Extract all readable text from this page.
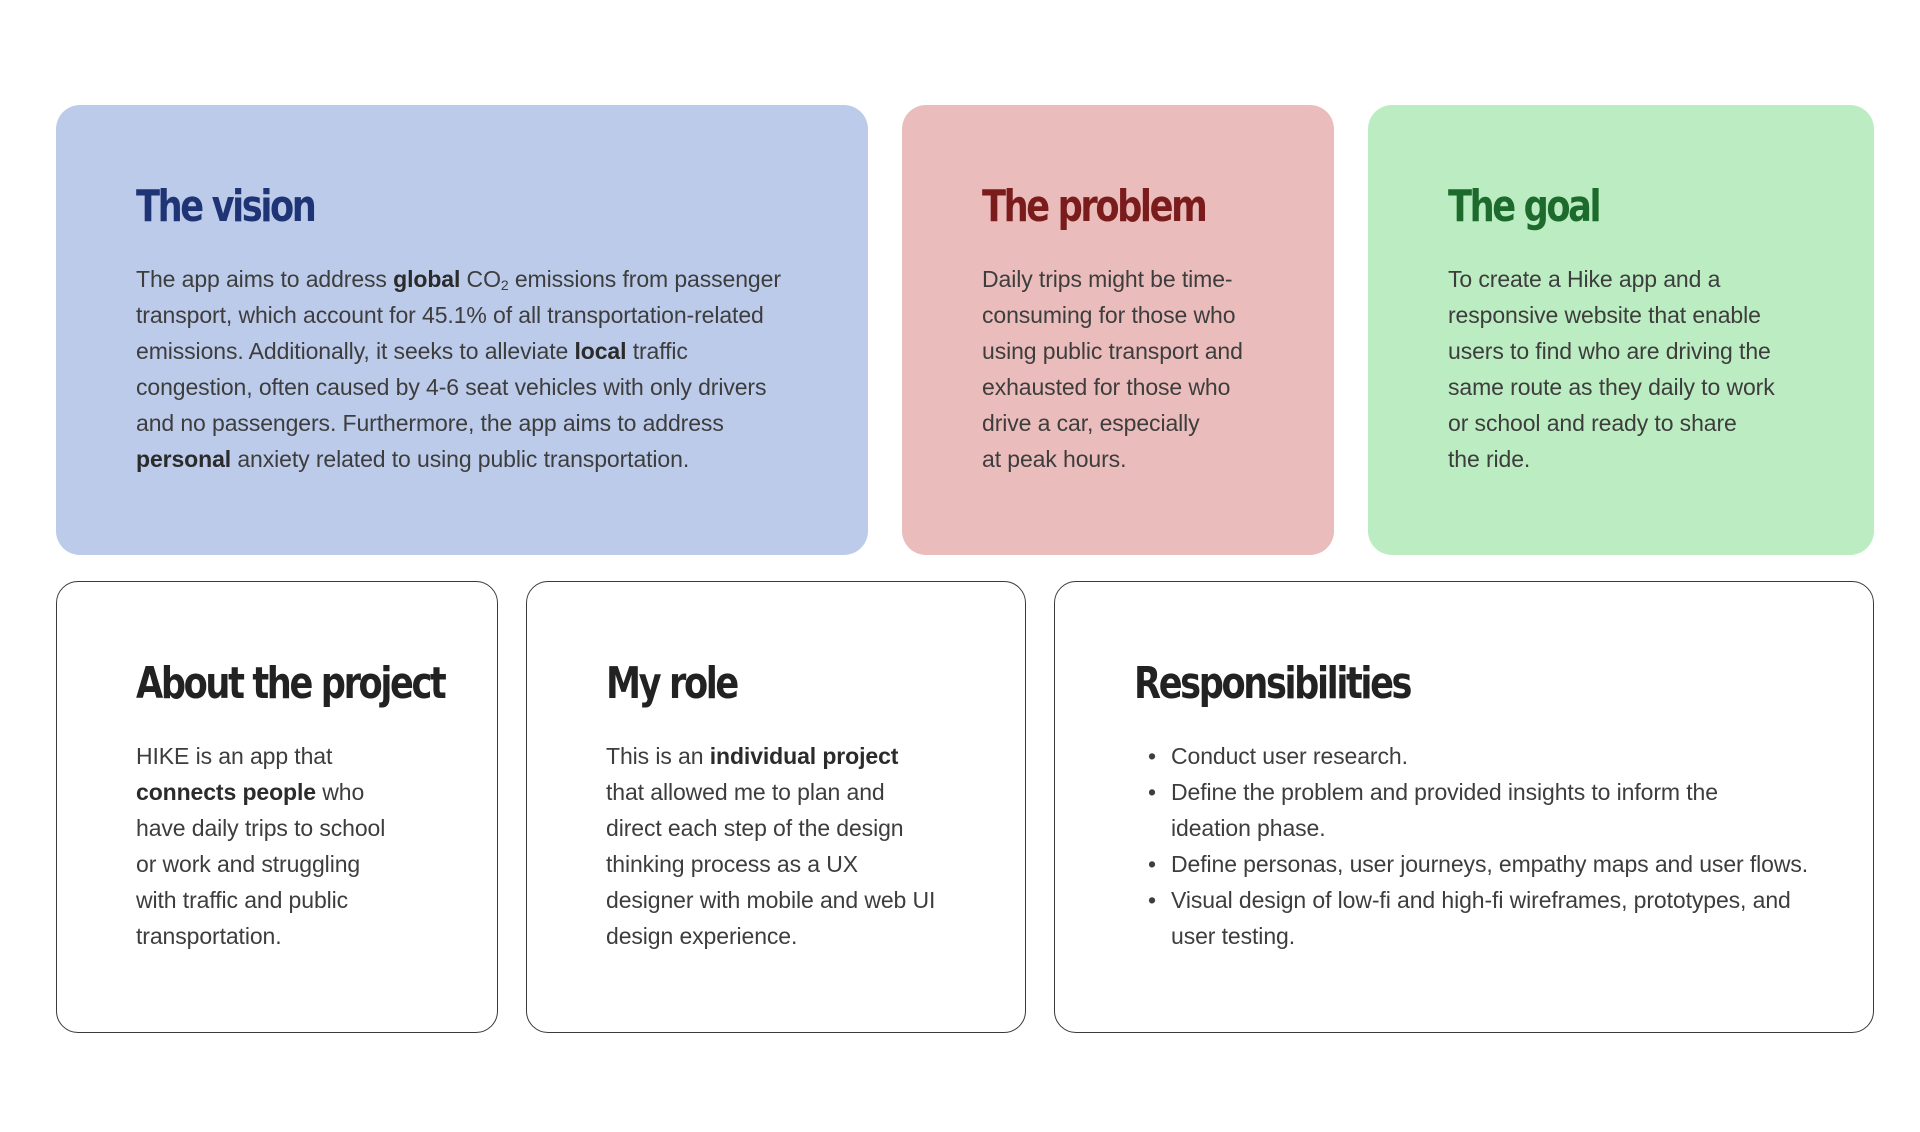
The vision
The app aims to address global $CO_2$ emissions from passenger
transport, which account for 45.1% of all transportation-related
emissions. Additionally, it seeks to alleviate local traffic
congestion, often caused by 4-6 seat vehicles with only drivers
and no passengers. Furthermore, the app aims to address
personal anxiety related to using public transportation.
The problem
Daily trips might be time-
consuming for those who
using public transport and
exhausted for those who
drive a car, especially
at peak hours.
The goal
To create a Hike app and a
responsive website that enable
users to find who are driving the
same route as they daily to work
or school and ready to share
the ride.
About the project
HIKE is an app that
connects people who
have daily trips to school
or work and struggling
with traffic and public
transportation.
My role
This is an individual project
that allowed me to plan and
direct each step of the design
thinking process as a UX
designer with mobile and web UI
design experience.
Responsibilities
• Conduct user research.
• Define the problem and provided insights to inform the
ideation phase.
• Define personas, user journeys, empathy maps and user flows.
• Visual design of low-fi and high-fi wireframes, prototypes, and
user testing.
